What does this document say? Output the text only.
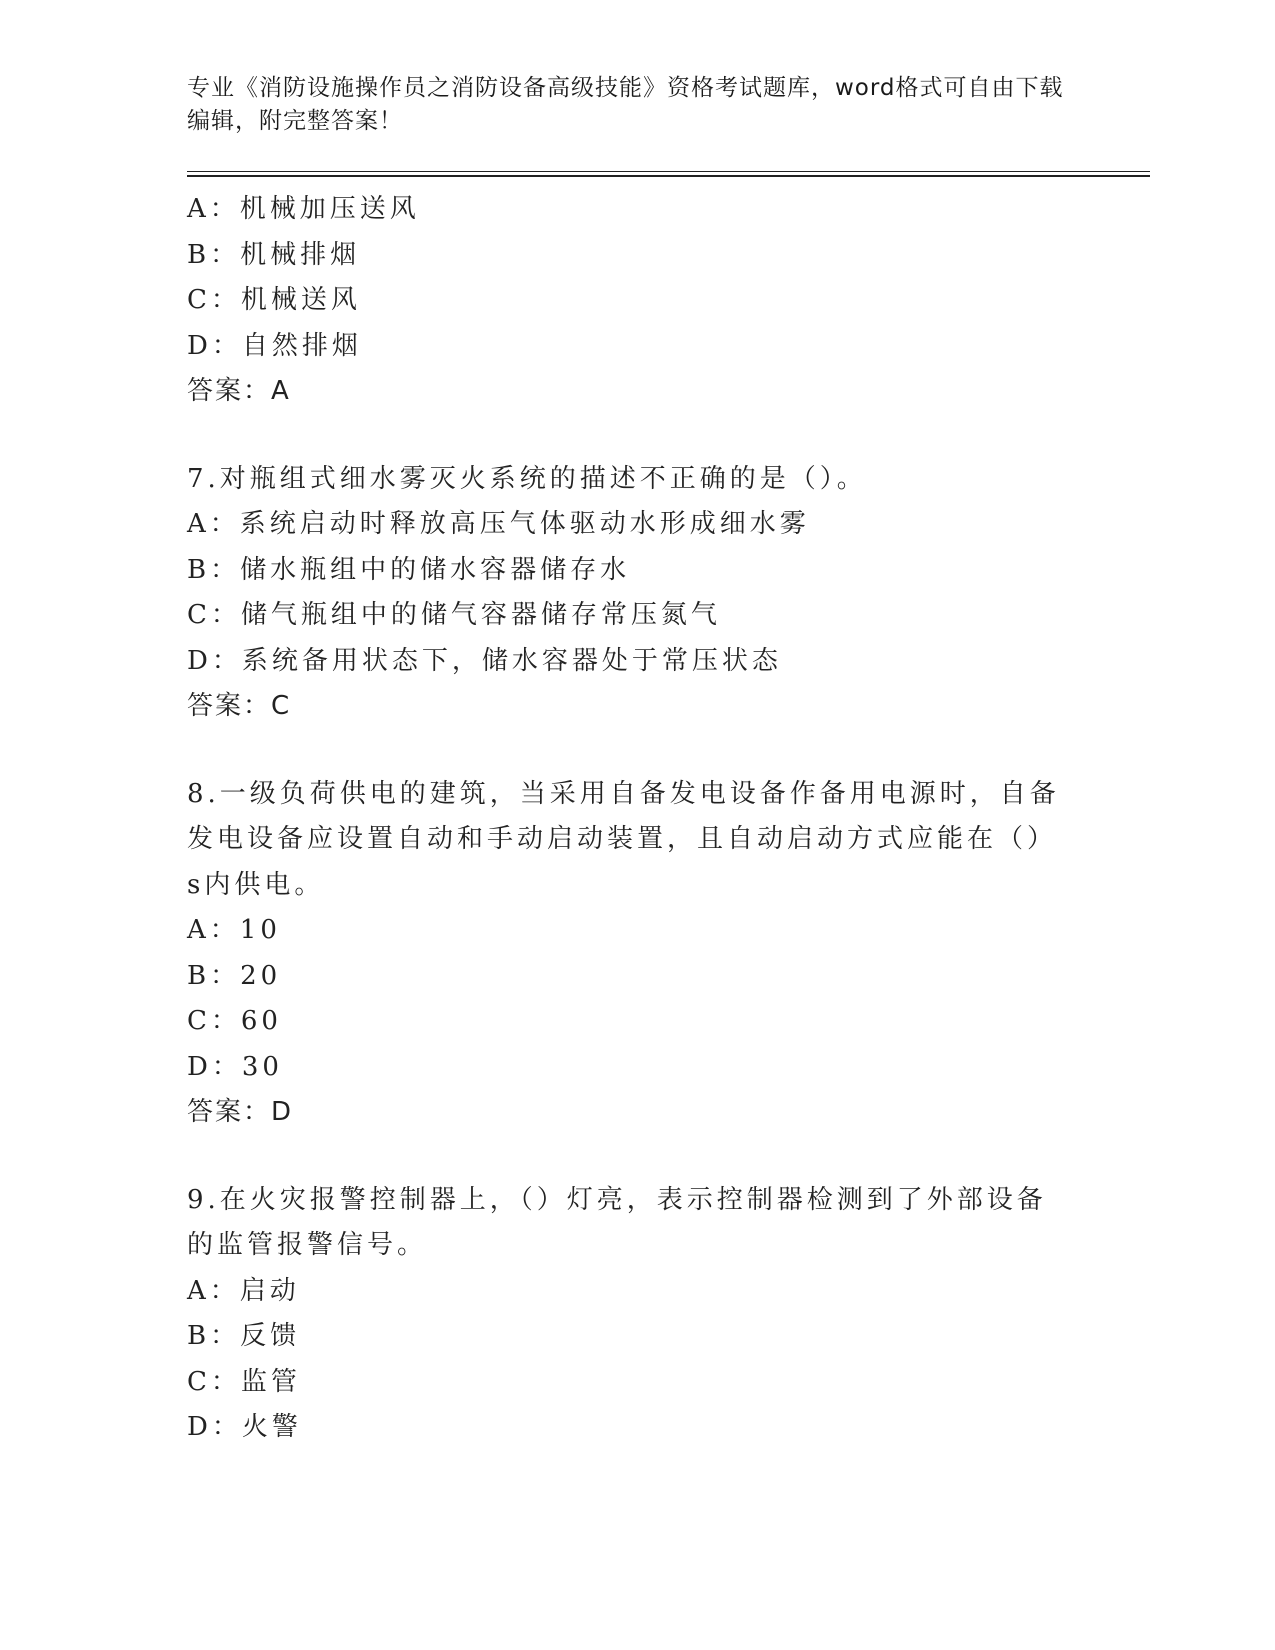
专业《消防设施操作员之消防设备高级技能》资格考试题库，word格式可自由下载编辑，附完整答案！
A：机械加压送风
B：机械排烟
C：机械送风
D：自然排烟
答案：A
7.对瓶组式细水雾灭火系统的描述不正确的是（）。
A：系统启动时释放高压气体驱动水形成细水雾
B：储水瓶组中的储水容器储存水
C：储气瓶组中的储气容器储存常压氮气
D：系统备用状态下，储水容器处于常压状态
答案：C
8.一级负荷供电的建筑，当采用自备发电设备作备用电源时，自备发电设备应设置自动和手动启动装置，且自动启动方式应能在（）s内供电。
A：10
B：20
C：60
D：30
答案：D
9.在火灾报警控制器上，（）灯亮，表示控制器检测到了外部设备的监管报警信号。
A：启动
B：反馈
C：监管
D：火警
